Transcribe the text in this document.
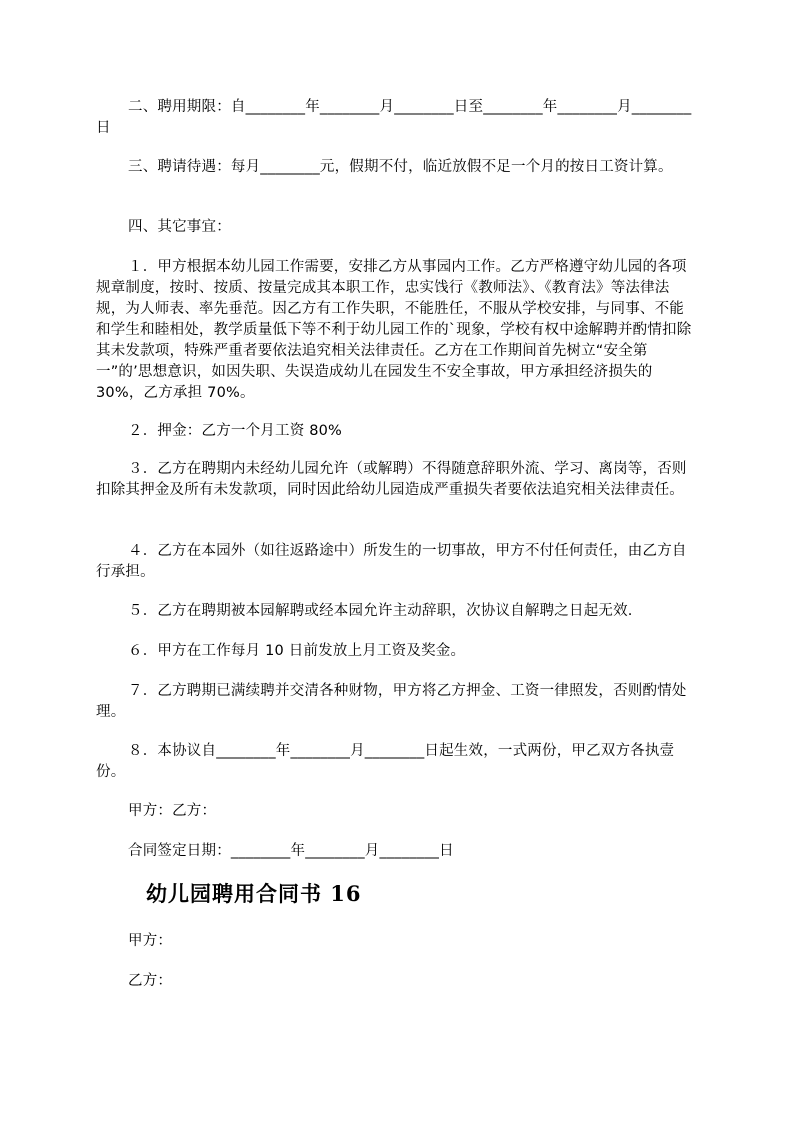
二、聘用期限：自________年________月________日至________年________月________日

三、聘请待遇：每月________元，假期不付，临近放假不足一个月的按日工资计算。

四、其它事宜：

１．甲方根据本幼儿园工作需要，安排乙方从事园内工作。乙方严格遵守幼儿园的各项规章制度，按时、按质、按量完成其本职工作，忠实饯行《教师法》、《教育法》等法律法规，为人师表、率先垂范。因乙方有工作失职，不能胜任，不服从学校安排，与同事、不能和学生和睦相处，教学质量低下等不利于幼儿园工作的`现象，学校有权中途解聘并酌情扣除其未发款项，特殊严重者要依法追究相关法律责任。乙方在工作期间首先树立“安全第一”的’思想意识，如因失职、失误造成幼儿在园发生不安全事故，甲方承担经济损失的 30%，乙方承担 70%。

２．押金：乙方一个月工资 80%

３．乙方在聘期内未经幼儿园允许（或解聘）不得随意辞职外流、学习、离岗等，否则扣除其押金及所有未发款项，同时因此给幼儿园造成严重损失者要依法追究相关法律责任。

４．乙方在本园外（如往返路途中）所发生的一切事故，甲方不付任何责任，由乙方自行承担。

５．乙方在聘期被本园解聘或经本园允许主动辞职，次协议自解聘之日起无效.

６．甲方在工作每月 10 日前发放上月工资及奖金。

７．乙方聘期已满续聘并交清各种财物，甲方将乙方押金、工资一律照发，否则酌情处理。

８．本协议自________年________月________日起生效，一式两份，甲乙双方各执壹份。

甲方：乙方：

合同签定日期：________年________月________日

幼儿园聘用合同书 16

甲方：

乙方：
